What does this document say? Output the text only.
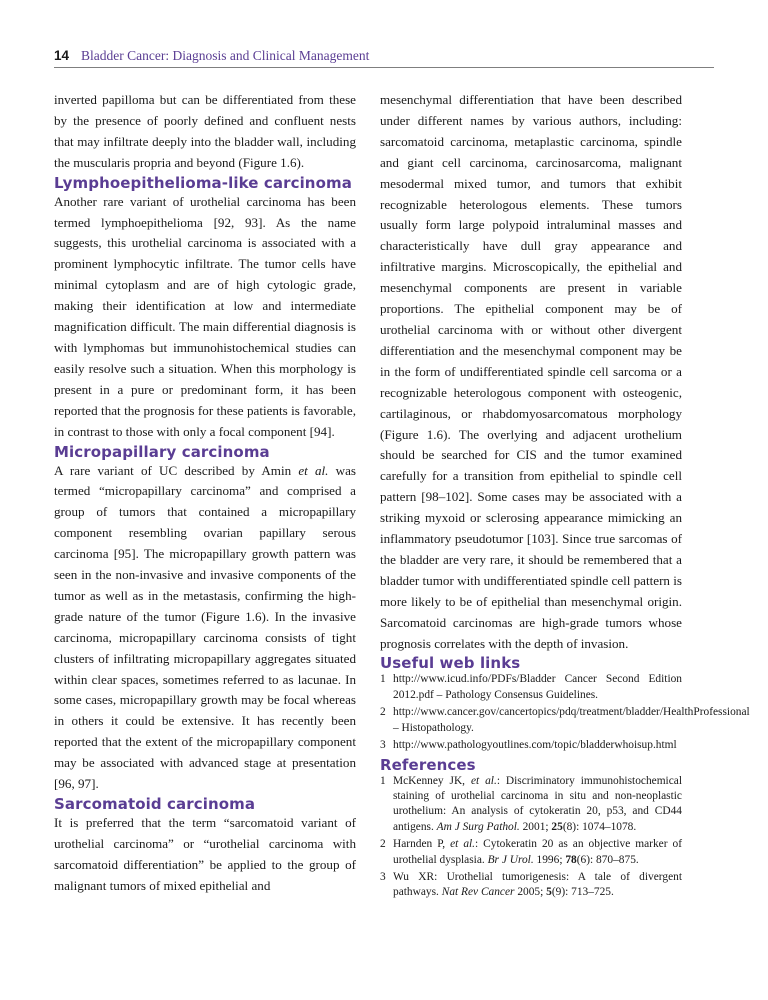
14 Bladder Cancer: Diagnosis and Clinical Management

inverted papilloma but can be differentiated from these by the presence of poorly defined and confluent nests that may infiltrate deeply into the bladder wall, including the muscularis propria and beyond (Figure 1.6).

Lymphoepithelioma-like carcinoma

Another rare variant of urothelial carcinoma has been termed lymphoepithelioma [92, 93]. As the name suggests, this urothelial carcinoma is associated with a prominent lymphocytic infiltrate. The tumor cells have minimal cytoplasm and are of high cytologic grade, making their identification at low and intermediate magnification difficult. The main differential diagnosis is with lymphomas but immunohistochemical studies can easily resolve such a situation. When this morphology is present in a pure or predominant form, it has been reported that the prognosis for these patients is favorable, in contrast to those with only a focal component [94].

Micropapillary carcinoma

A rare variant of UC described by Amin et al. was termed “micropapillary carcinoma” and comprised a group of tumors that contained a micropapillary component resembling ovarian papillary serous carcinoma [95]. The micropapillary growth pattern was seen in the non-invasive and invasive components of the tumor as well as in the metastasis, confirming the high-grade nature of the tumor (Figure 1.6). In the invasive carcinoma, micropapillary carcinoma consists of tight clusters of infiltrating micropapillary aggregates situated within clear spaces, sometimes referred to as lacunae. In some cases, micropapillary growth may be focal whereas in others it could be extensive. It has recently been reported that the extent of the micropapillary component may be associated with advanced stage at presentation [96, 97].

Sarcomatoid carcinoma

It is preferred that the term “sarcomatoid variant of urothelial carcinoma” or “urothelial carcinoma with sarcomatoid differentiation” be applied to the group of malignant tumors of mixed epithelial and

mesenchymal differentiation that have been described under different names by various authors, including: sarcomatoid carcinoma, metaplastic carcinoma, spindle and giant cell carcinoma, carcinosarcoma, malignant mesodermal mixed tumor, and tumors that exhibit recognizable heterologous elements. These tumors usually form large polypoid intraluminal masses and characteristically have dull gray appearance and infiltrative margins. Microscopically, the epithelial and mesenchymal components are present in variable proportions. The epithelial component may be of urothelial carcinoma with or without other divergent differentiation and the mesenchymal component may be in the form of undifferentiated spindle cell sarcoma or a recognizable heterologous component with osteogenic, cartilaginous, or rhabdomyosarcomatous morphology (Figure 1.6). The overlying and adjacent urothelium should be searched for CIS and the tumor examined carefully for a transition from epithelial to spindle cell pattern [98–102]. Some cases may be associated with a striking myxoid or sclerosing appearance mimicking an inflammatory pseudotumor [103]. Since true sarcomas of the bladder are very rare, it should be remembered that a bladder tumor with undifferentiated spindle cell pattern is more likely to be of epithelial than mesenchymal origin. Sarcomatoid carcinomas are high-grade tumors whose prognosis correlates with the depth of invasion.

Useful web links
1 http://www.icud.info/PDFs/Bladder Cancer Second Edition 2012.pdf – Pathology Consensus Guidelines.
2 http://www.cancer.gov/cancertopics/pdq/treatment/bladder/HealthProfessional – Histopathology.
3 http://www.pathologyoutlines.com/topic/bladderwhoisup.html
References
1 McKenney JK, et al.: Discriminatory immunohistochemical staining of urothelial carcinoma in situ and non-neoplastic urothelium: An analysis of cytokeratin 20, p53, and CD44 antigens. Am J Surg Pathol. 2001; 25(8): 1074–1078.
2 Harnden P, et al.: Cytokeratin 20 as an objective marker of urothelial dysplasia. Br J Urol. 1996; 78(6): 870–875.
3 Wu XR: Urothelial tumorigenesis: A tale of divergent pathways. Nat Rev Cancer 2005; 5(9): 713–725.
